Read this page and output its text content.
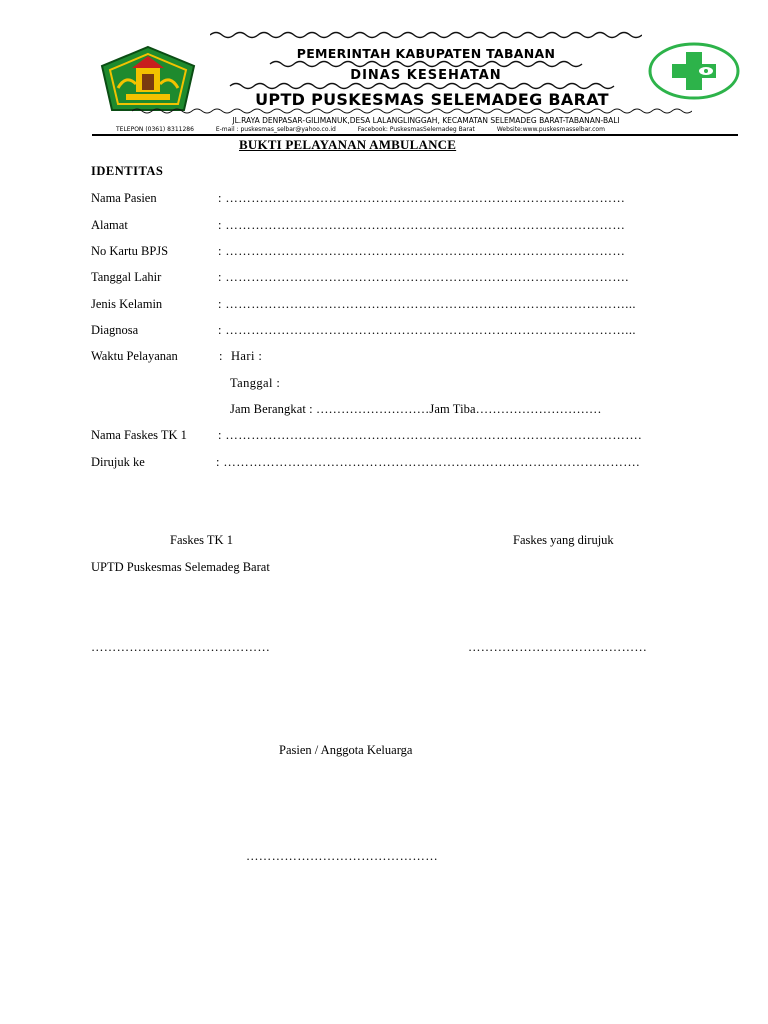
PEMERINTAH KABUPATEN TABANAN
DINAS KESEHATAN
UPTD PUSKESMAS SELEMADEG BARAT
JL.RAYA DENPASAR-GILIMANUK,DESA LALANGLINGGAH, KECAMATAN SELEMADEG BARAT-TABANAN-BALI
TELEPON (0361) 8311286	E-mail : puskesmas_selbar@yahoo.co.id	Facebook: PuskesmasSelemadeg Barat	Website:www.puskesmasselbar.com
BUKTI PELAYANAN AMBULANCE
IDENTITAS
Nama Pasien	: …………………………………………………………………………………
Alamat	: …………………………………………………………………………………
No Kartu BPJS	: …………………………………………………………………………………
Tanggal Lahir	: ………………………………………………………………………………….
Jenis Kelamin	: …………………………………………………………………………………...
Diagnosa	: …………………………………………………………………………………...
Waktu Pelayanan	: Hari :
Tanggal :
Jam Berangkat : ………………………Jam Tiba…………………………
Nama Faskes TK 1 : …………………………………………………………………………………….
Dirujuk ke	: …………………………………………………………………………………….
Faskes TK 1	Faskes yang dirujuk
UPTD Puskesmas Selemadeg Barat
……………………………………	……………………………………
Pasien / Anggota Keluarga
………………………………………
